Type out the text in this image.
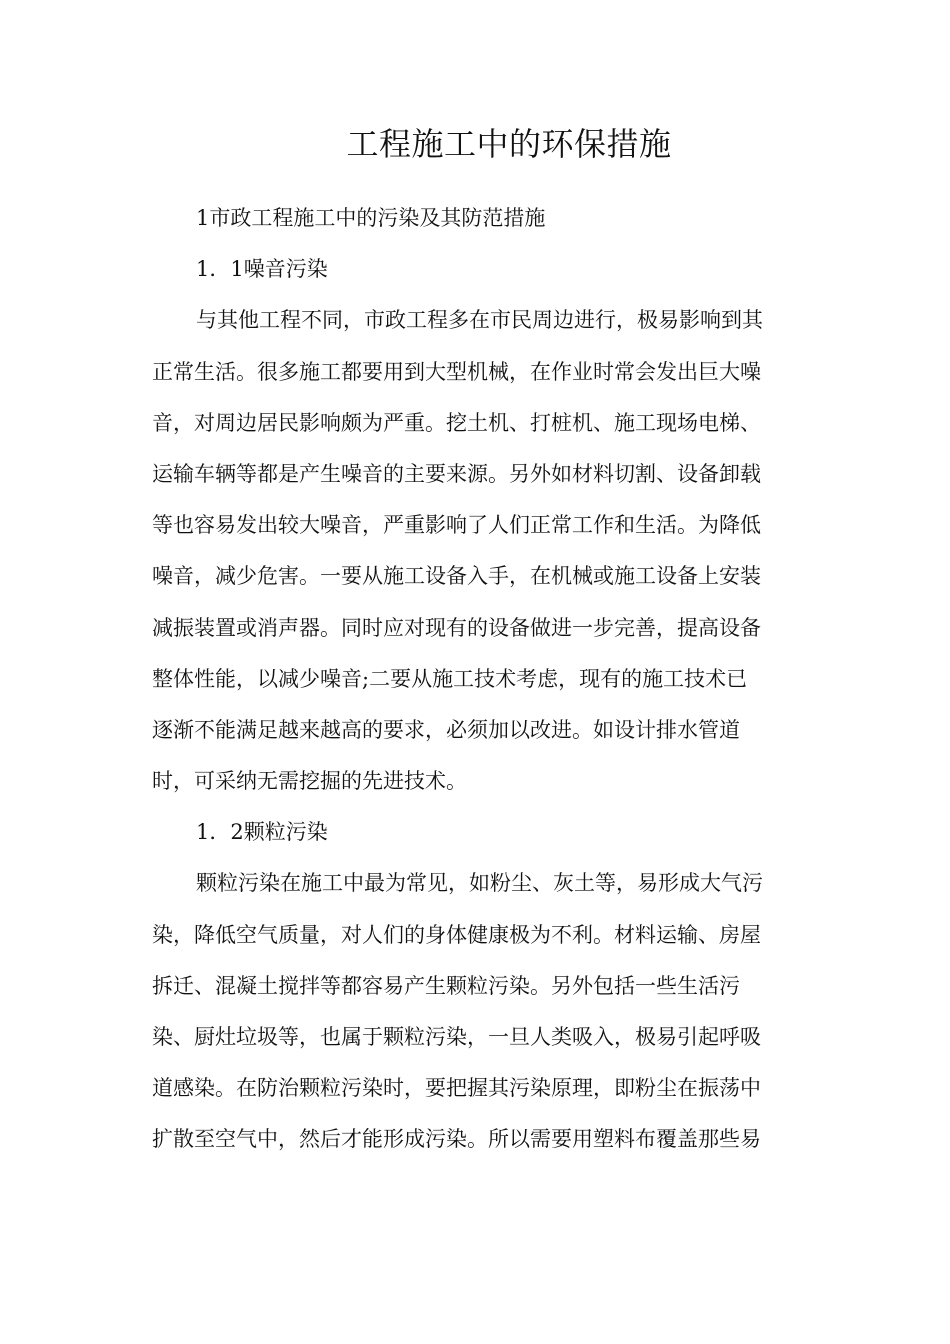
工程施工中的环保措施
1市政工程施工中的污染及其防范措施
1．1噪音污染
与其他工程不同，市政工程多在市民周边进行，极易影响到其
正常生活。很多施工都要用到大型机械，在作业时常会发出巨大噪
音，对周边居民影响颇为严重。挖土机、打桩机、施工现场电梯、
运输车辆等都是产生噪音的主要来源。另外如材料切割、设备卸载
等也容易发出较大噪音，严重影响了人们正常工作和生活。为降低
噪音，减少危害。一要从施工设备入手，在机械或施工设备上安装
减振装置或消声器。同时应对现有的设备做进一步完善，提高设备
整体性能，以减少噪音;二要从施工技术考虑，现有的施工技术已
逐渐不能满足越来越高的要求，必须加以改进。如设计排水管道
时，可采纳无需挖掘的先进技术。
1．2颗粒污染
颗粒污染在施工中最为常见，如粉尘、灰土等，易形成大气污
染，降低空气质量，对人们的身体健康极为不利。材料运输、房屋
拆迁、混凝土搅拌等都容易产生颗粒污染。另外包括一些生活污
染、厨灶垃圾等，也属于颗粒污染，一旦人类吸入，极易引起呼吸
道感染。在防治颗粒污染时，要把握其污染原理，即粉尘在振荡中
扩散至空气中，然后才能形成污染。所以需要用塑料布覆盖那些易
